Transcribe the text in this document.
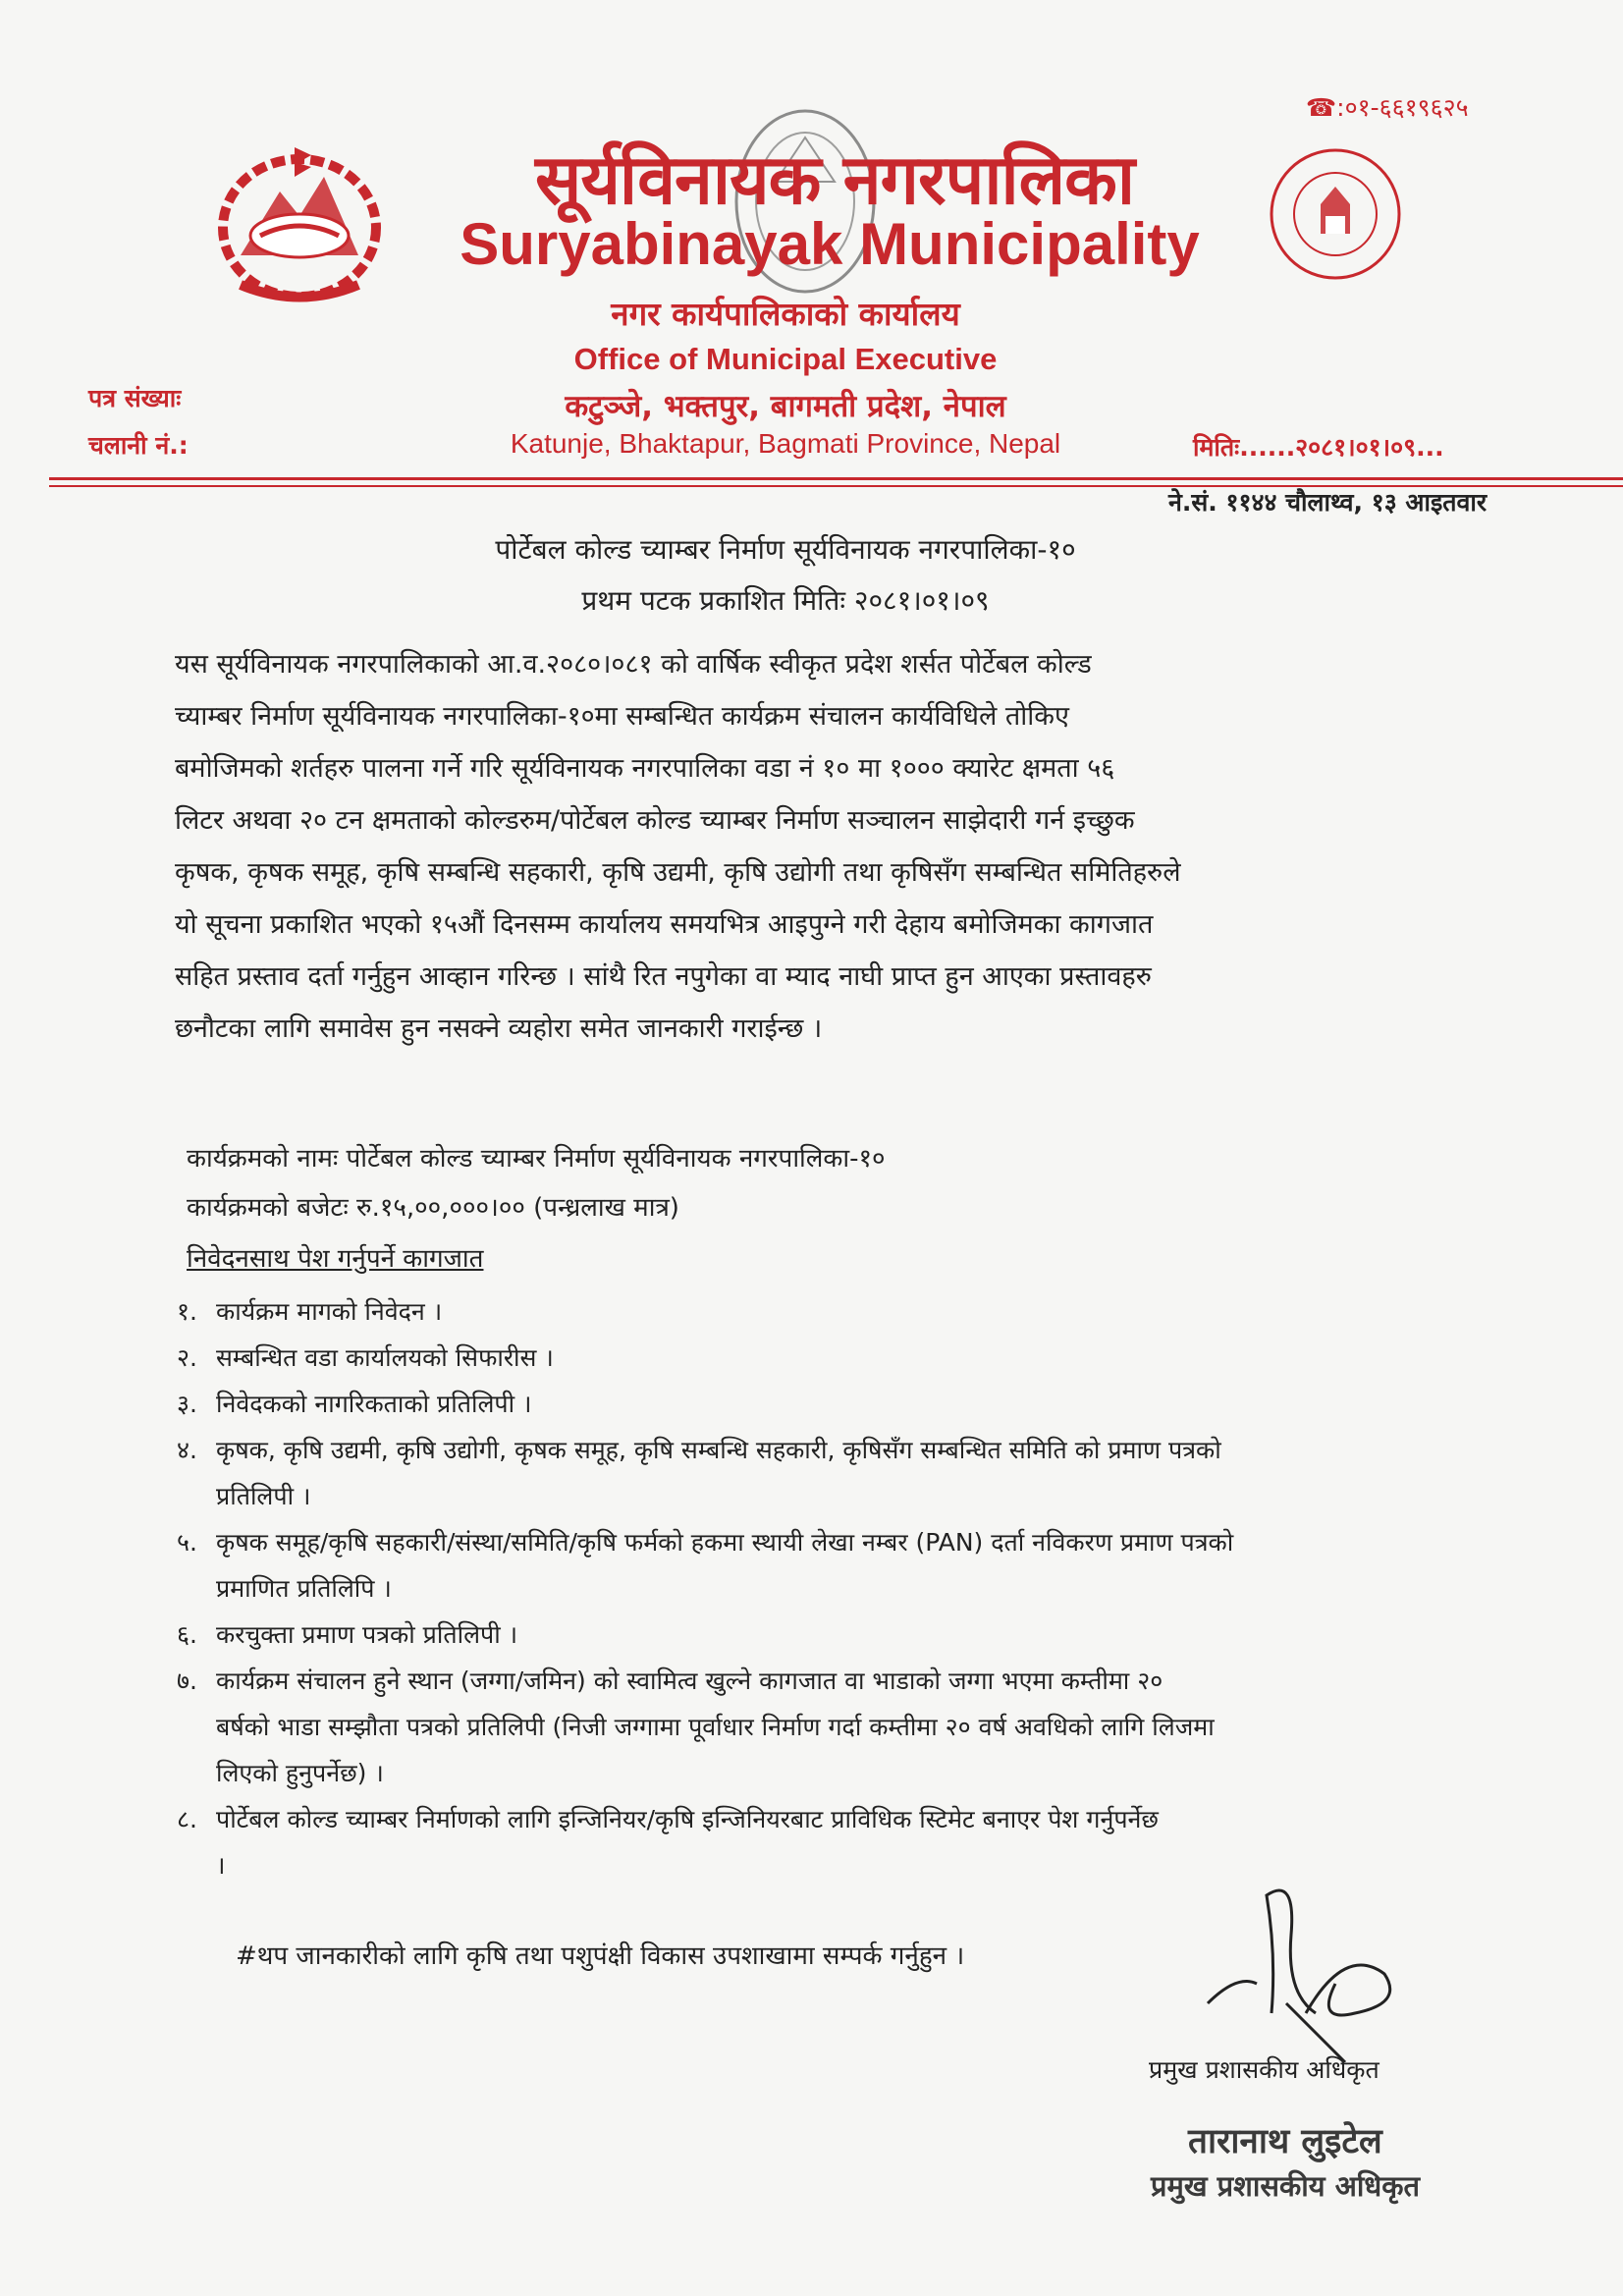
☎:०१-६६१९६२५
सूर्यविनायक नगरपालिका
Suryabinayak Municipality
नगर कार्यपालिकाको कार्यालय
Office of Municipal Executive
कटुञ्जे, भक्तपुर, बागमती प्रदेश, नेपाल
Katunje, Bhaktapur, Bagmati Province, Nepal
पत्र संख्याः
चलानी नं.:	मितिः......२०८१।०१।०९...
ने.सं. ११४४ चौलाथ्व, १३ आइतवार
पोर्टेबल कोल्ड च्याम्बर निर्माण सूर्यविनायक नगरपालिका-१०
प्रथम पटक प्रकाशित मितिः २०८१।०१।०९
यस सूर्यविनायक नगरपालिकाको आ.व.२०८०।०८१ को वार्षिक स्वीकृत प्रदेश शर्सत पोर्टेबल कोल्ड
च्याम्बर निर्माण सूर्यविनायक नगरपालिका-१०मा सम्बन्धित कार्यक्रम संचालन कार्यविधिले तोकिए
बमोजिमको शर्तहरु पालना गर्ने गरि सूर्यविनायक नगरपालिका वडा नं १० मा १००० क्यारेट क्षमता ५६
लिटर अथवा २० टन क्षमताको कोल्डरुम/पोर्टेबल कोल्ड च्याम्बर निर्माण सञ्चालन साझेदारी गर्न इच्छुक
कृषक, कृषक समूह, कृषि सम्बन्धि सहकारी, कृषि उद्यमी, कृषि उद्योगी तथा कृषिसँग सम्बन्धित समितिहरुले
यो सूचना प्रकाशित भएको १५औं दिनसम्म कार्यालय समयभित्र आइपुग्ने गरी देहाय बमोजिमका कागजात
सहित प्रस्ताव दर्ता गर्नुहुन आव्हान गरिन्छ । सांथै रित नपुगेका वा म्याद नाघी प्राप्त हुन आएका प्रस्तावहरु
छनौटका लागि समावेस हुन नसक्ने व्यहोरा समेत जानकारी गराईन्छ ।
कार्यक्रमको नामः पोर्टेबल कोल्ड च्याम्बर निर्माण सूर्यविनायक नगरपालिका-१०
कार्यक्रमको बजेटः रु.१५,००,०००।०० (पन्ध्रलाख मात्र)
निवेदनसाथ पेश गर्नुपर्ने कागजात
१. कार्यक्रम मागको निवेदन ।
२. सम्बन्धित वडा कार्यालयको सिफारीस ।
३. निवेदकको नागरिकताको प्रतिलिपी ।
४. कृषक, कृषि उद्यमी, कृषि उद्योगी, कृषक समूह, कृषि सम्बन्धि सहकारी, कृषिसँग सम्बन्धित समिति को प्रमाण पत्रको
प्रतिलिपी ।
५. कृषक समूह/कृषि सहकारी/संस्था/समिति/कृषि फर्मको हकमा स्थायी लेखा नम्बर (PAN) दर्ता नविकरण प्रमाण पत्रको
प्रमाणित प्रतिलिपि ।
६. करचुक्ता प्रमाण पत्रको प्रतिलिपी ।
७. कार्यक्रम संचालन हुने स्थान (जग्गा/जमिन) को स्वामित्व खुल्ने कागजात वा भाडाको जग्गा भएमा कम्तीमा २०
बर्षको भाडा सम्झौता पत्रको प्रतिलिपी (निजी जग्गामा पूर्वाधार निर्माण गर्दा कम्तीमा २० वर्ष अवधिको लागि लिजमा
लिएको हुनुपर्नेछ) ।
८. पोर्टेबल कोल्ड च्याम्बर निर्माणको लागि इन्जिनियर/कृषि इन्जिनियरबाट प्राविधिक स्टिमेट बनाएर पेश गर्नुपर्नेछ
।
#थप जानकारीको लागि कृषि तथा पशुपंक्षी विकास उपशाखामा सम्पर्क गर्नुहुन ।
प्रमुख प्रशासकीय अधिकृत
तारानाथ लुइटेल
प्रमुख प्रशासकीय अधिकृत
